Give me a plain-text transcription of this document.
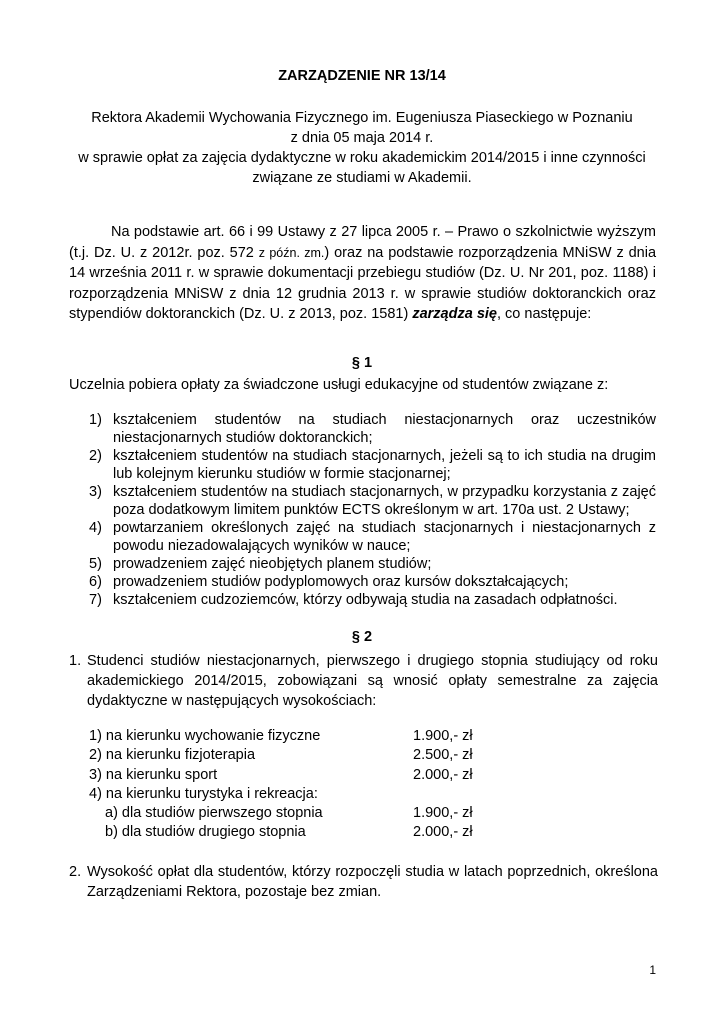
ZARZĄDZENIE NR 13/14
Rektora Akademii Wychowania Fizycznego im. Eugeniusza Piaseckiego w Poznaniu
z dnia 05 maja 2014 r.
w sprawie opłat za zajęcia dydaktyczne w roku akademickim 2014/2015 i inne czynności
związane ze studiami w Akademii.
Na podstawie art. 66 i 99 Ustawy z 27 lipca 2005 r. – Prawo o szkolnictwie wyższym (t.j. Dz. U. z 2012r. poz. 572 z późn. zm.) oraz na podstawie rozporządzenia MNiSW z dnia 14 września 2011 r. w sprawie dokumentacji przebiegu studiów (Dz. U. Nr 201, poz. 1188) i rozporządzenia MNiSW z dnia 12 grudnia 2013 r. w sprawie studiów doktoranckich oraz stypendiów doktoranckich (Dz. U. z 2013, poz. 1581) zarządza się, co następuje:
§ 1
Uczelnia pobiera opłaty za świadczone usługi edukacyjne od studentów związane z:
1) kształceniem studentów na studiach niestacjonarnych oraz uczestników niestacjonarnych studiów doktoranckich;
2) kształceniem studentów na studiach stacjonarnych, jeżeli są to ich studia na drugim lub kolejnym kierunku studiów w formie stacjonarnej;
3) kształceniem studentów na studiach stacjonarnych, w przypadku korzystania z zajęć poza dodatkowym limitem punktów ECTS określonym w art. 170a ust. 2 Ustawy;
4) powtarzaniem określonych zajęć na studiach stacjonarnych i niestacjonarnych z powodu niezadowalających wyników w nauce;
5) prowadzeniem zajęć nieobjętych planem studiów;
6) prowadzeniem studiów podyplomowych oraz kursów dokształcających;
7) kształceniem cudzoziemców, którzy odbywają studia na zasadach odpłatności.
§ 2
1. Studenci studiów niestacjonarnych, pierwszego i drugiego stopnia studiujący od roku akademickiego 2014/2015, zobowiązani są wnosić opłaty semestralne za zajęcia dydaktyczne w następujących wysokościach:
1) na kierunku wychowanie fizyczne	1.900,- zł
2) na kierunku fizjoterapia	2.500,- zł
3) na kierunku sport	2.000,- zł
4) na kierunku turystyka i rekreacja:
a) dla studiów pierwszego stopnia	1.900,- zł
b) dla studiów drugiego stopnia	2.000,- zł
2. Wysokość opłat dla studentów, którzy rozpoczęli studia w latach poprzednich, określona Zarządzeniami Rektora, pozostaje bez zmian.
1
